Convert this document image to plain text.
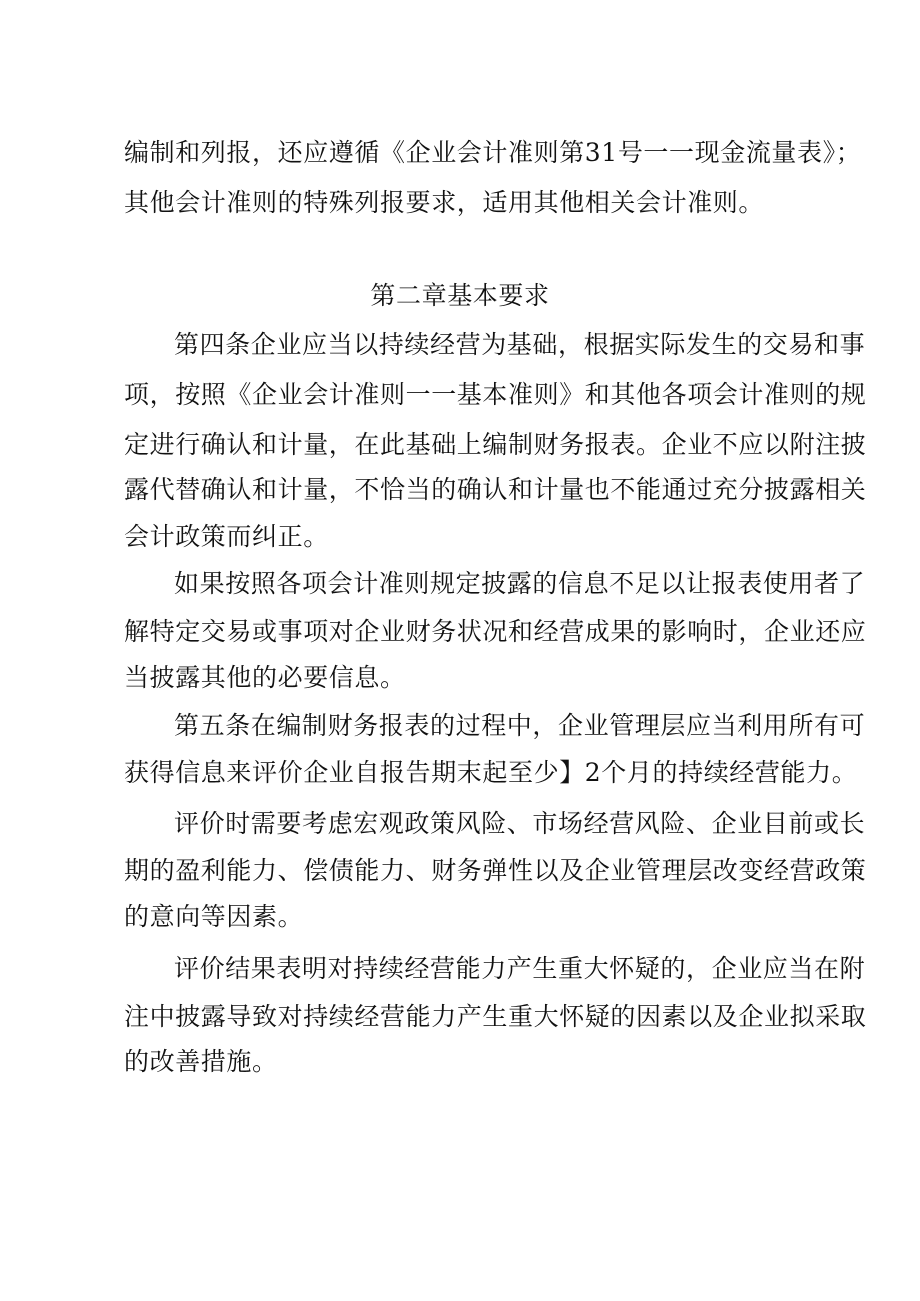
编制和列报，还应遵循《企业会计准则第31号一一现金流量表》；
其他会计准则的特殊列报要求，适用其他相关会计准则。
第二章基本要求
第四条企业应当以持续经营为基础，根据实际发生的交易和事
项，按照《企业会计准则一一基本准则》和其他各项会计准则的规
定进行确认和计量，在此基础上编制财务报表。企业不应以附注披
露代替确认和计量，不恰当的确认和计量也不能通过充分披露相关
会计政策而纠正。
如果按照各项会计准则规定披露的信息不足以让报表使用者了
解特定交易或事项对企业财务状况和经营成果的影响时，企业还应
当披露其他的必要信息。
第五条在编制财务报表的过程中，企业管理层应当利用所有可
获得信息来评价企业自报告期末起至少】2个月的持续经营能力。
评价时需要考虑宏观政策风险、市场经营风险、企业目前或长
期的盈利能力、偿债能力、财务弹性以及企业管理层改变经营政策
的意向等因素。
评价结果表明对持续经营能力产生重大怀疑的，企业应当在附
注中披露导致对持续经营能力产生重大怀疑的因素以及企业拟采取
的改善措施。
